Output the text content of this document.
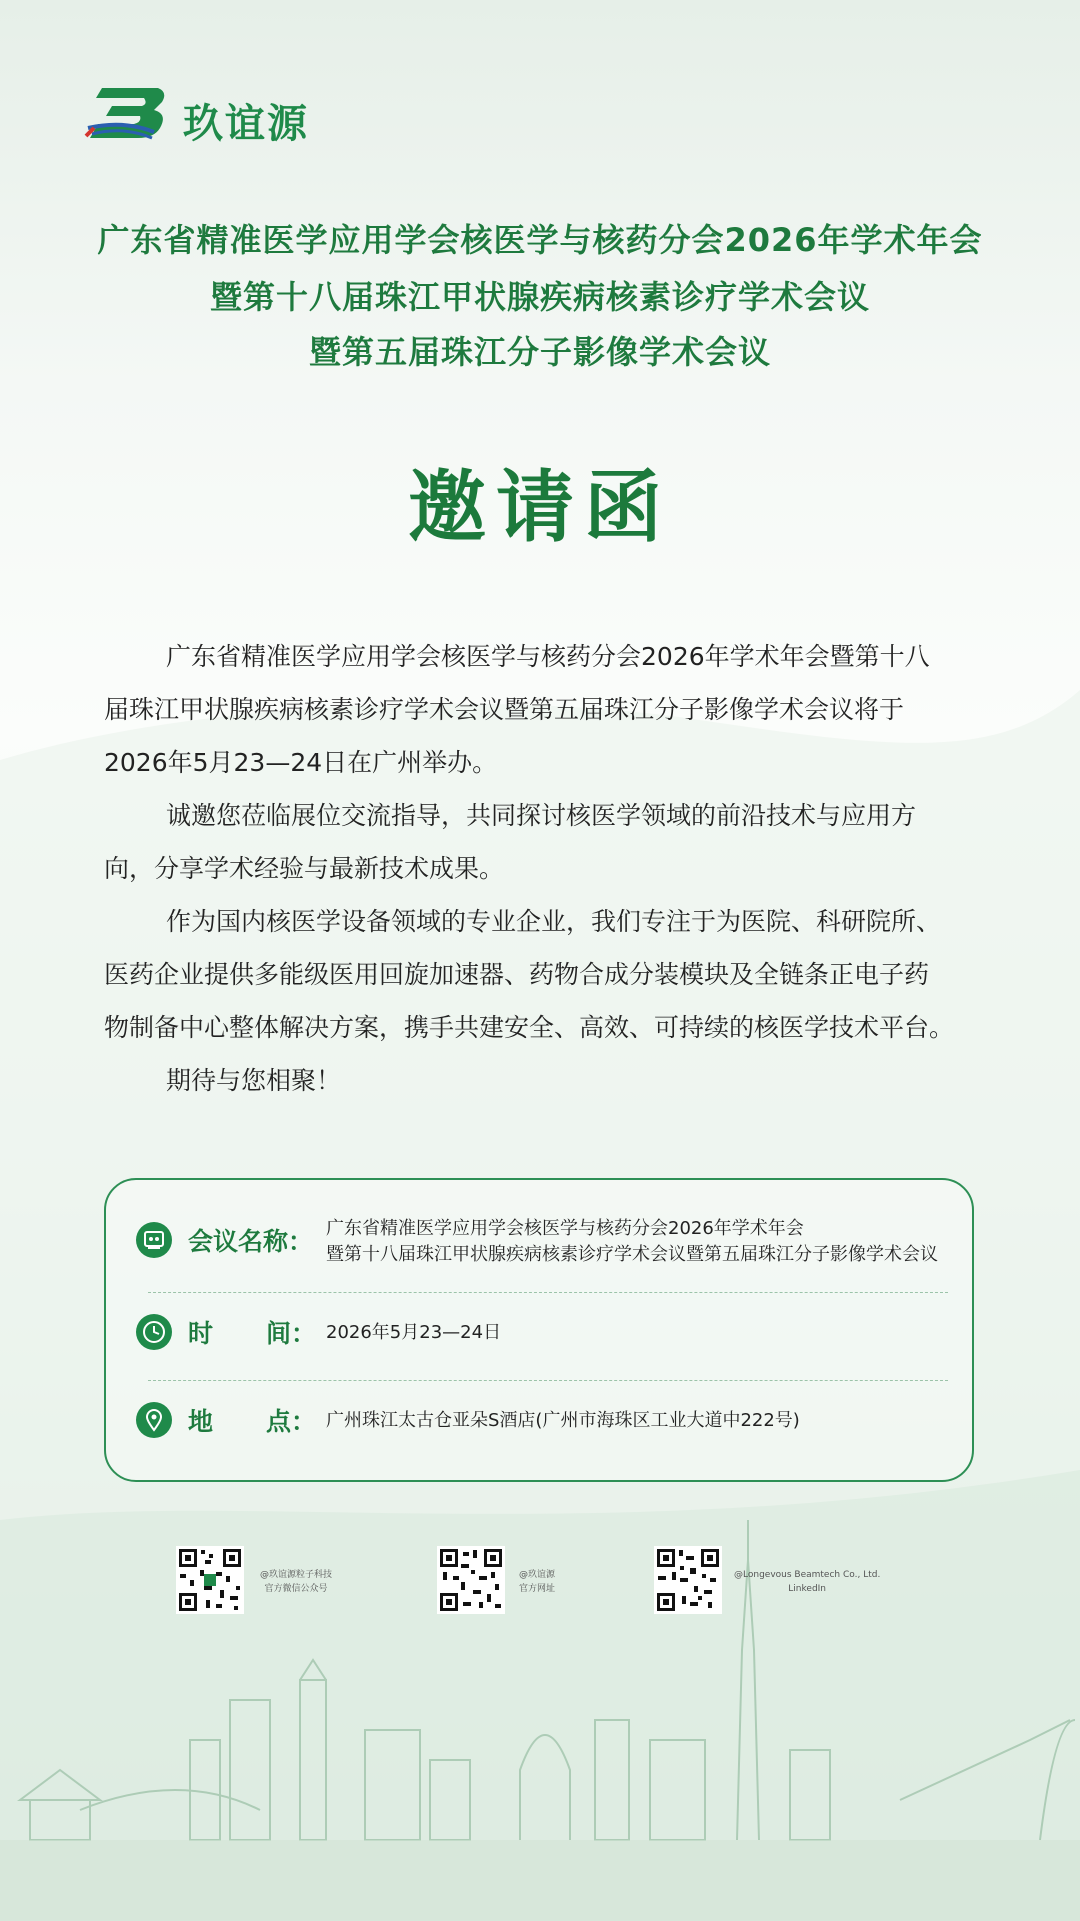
玖谊源
广东省精准医学应用学会核医学与核药分会2026年学术年会
暨第十八届珠江甲状腺疾病核素诊疗学术会议
暨第五届珠江分子影像学术会议
邀请函
广东省精准医学应用学会核医学与核药分会2026年学术年会暨第十八
届珠江甲状腺疾病核素诊疗学术会议暨第五届珠江分子影像学术会议将于
2026年5月23—24日在广州举办。
诚邀您莅临展位交流指导，共同探讨核医学领域的前沿技术与应用方
向，分享学术经验与最新技术成果。
作为国内核医学设备领域的专业企业，我们专注于为医院、科研院所、
医药企业提供多能级医用回旋加速器、药物合成分装模块及全链条正电子药
物制备中心整体解决方案，携手共建安全、高效、可持续的核医学技术平台。
期待与您相聚！
会议名称： 广东省精准医学应用学会核医学与核药分会2026年学术年会
暨第十八届珠江甲状腺疾病核素诊疗学术会议暨第五届珠江分子影像学术会议
时 间： 2026年5月23—24日
地 点： 广州珠江太古仓亚朵S酒店(广州市海珠区工业大道中222号)
@玖谊源粒子科技
官方微信公众号
@玖谊源
官方网址
@Longevous Beamtech Co., Ltd.
LinkedIn
